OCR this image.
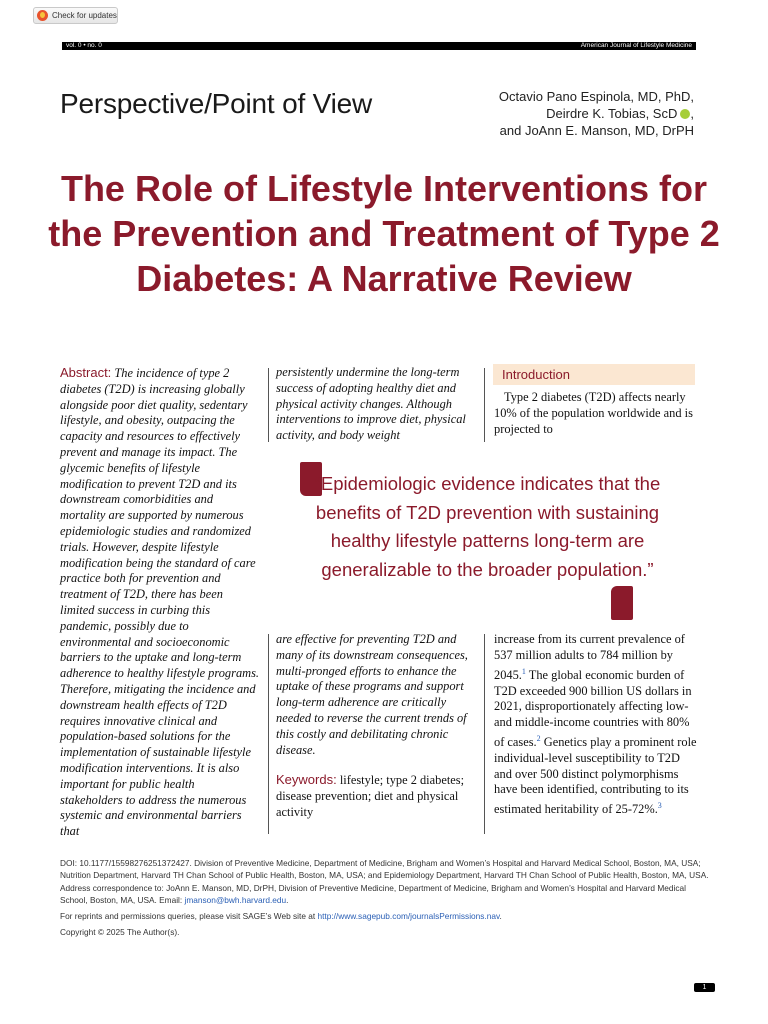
Check for updates
vol. 0 • no. 0	American Journal of Lifestyle Medicine
Perspective/Point of View	Octavio Pano Espinola, MD, PhD,
Deirdre K. Tobias, ScD ,
and JoAnn E. Manson, MD, DrPH
The Role of Lifestyle Interventions for the Prevention and Treatment of Type 2 Diabetes: A Narrative Review
Abstract: The incidence of type 2 diabetes (T2D) is increasing globally alongside poor diet quality, sedentary lifestyle, and obesity, outpacing the capacity and resources to effectively prevent and manage its impact. The glycemic benefits of lifestyle modification to prevent T2D and its downstream comorbidities and mortality are supported by numerous epidemiologic studies and randomized trials. However, despite lifestyle modification being the standard of care practice both for prevention and treatment of T2D, there has been limited success in curbing this pandemic, possibly due to environmental and socioeconomic barriers to the uptake and long-term adherence to healthy lifestyle programs. Therefore, mitigating the incidence and downstream health effects of T2D requires innovative clinical and population-based solutions for the implementation of sustainable lifestyle modification interventions. It is also important for public health stakeholders to address the numerous systemic and environmental barriers that
persistently undermine the long-term success of adopting healthy diet and physical activity changes. Although interventions to improve diet, physical activity, and body weight
Introduction
Type 2 diabetes (T2D) affects nearly 10% of the population worldwide and is projected to
“Epidemiologic evidence indicates that the benefits of T2D prevention with sustaining healthy lifestyle patterns long-term are generalizable to the broader population.”
are effective for preventing T2D and many of its downstream consequences, multi-pronged efforts to enhance the uptake of these programs and support long-term adherence are critically needed to reverse the current trends of this costly and debilitating chronic disease.
Keywords: lifestyle; type 2 diabetes; disease prevention; diet and physical activity
increase from its current prevalence of 537 million adults to 784 million by 2045.$^1$ The global economic burden of T2D exceeded 900 billion US dollars in 2021, disproportionately affecting low- and middle-income countries with 80% of cases.$^2$ Genetics play a prominent role individual-level susceptibility to T2D and over 500 distinct polymorphisms have been identified, contributing to its estimated heritability of 25-72%.$^3$

DOI: 10.1177/15598276251372427. Division of Preventive Medicine, Department of Medicine, Brigham and Women’s Hospital and Harvard Medical School, Boston, MA, USA; Nutrition Department, Harvard TH Chan School of Public Health, Boston, MA, USA; and Epidemiology Department, Harvard TH Chan School of Public Health, Boston, MA, USA. Address correspondence to: JoAnn E. Manson, MD, DrPH, Division of Preventive Medicine, Department of Medicine, Brigham and Women’s Hospital and Harvard Medical School, Boston, MA, USA. Email: jmanson@bwh.harvard.edu.

For reprints and permissions queries, please visit SAGE’s Web site at http://www.sagepub.com/journalsPermissions.nav.

Copyright © 2025 The Author(s).

1
